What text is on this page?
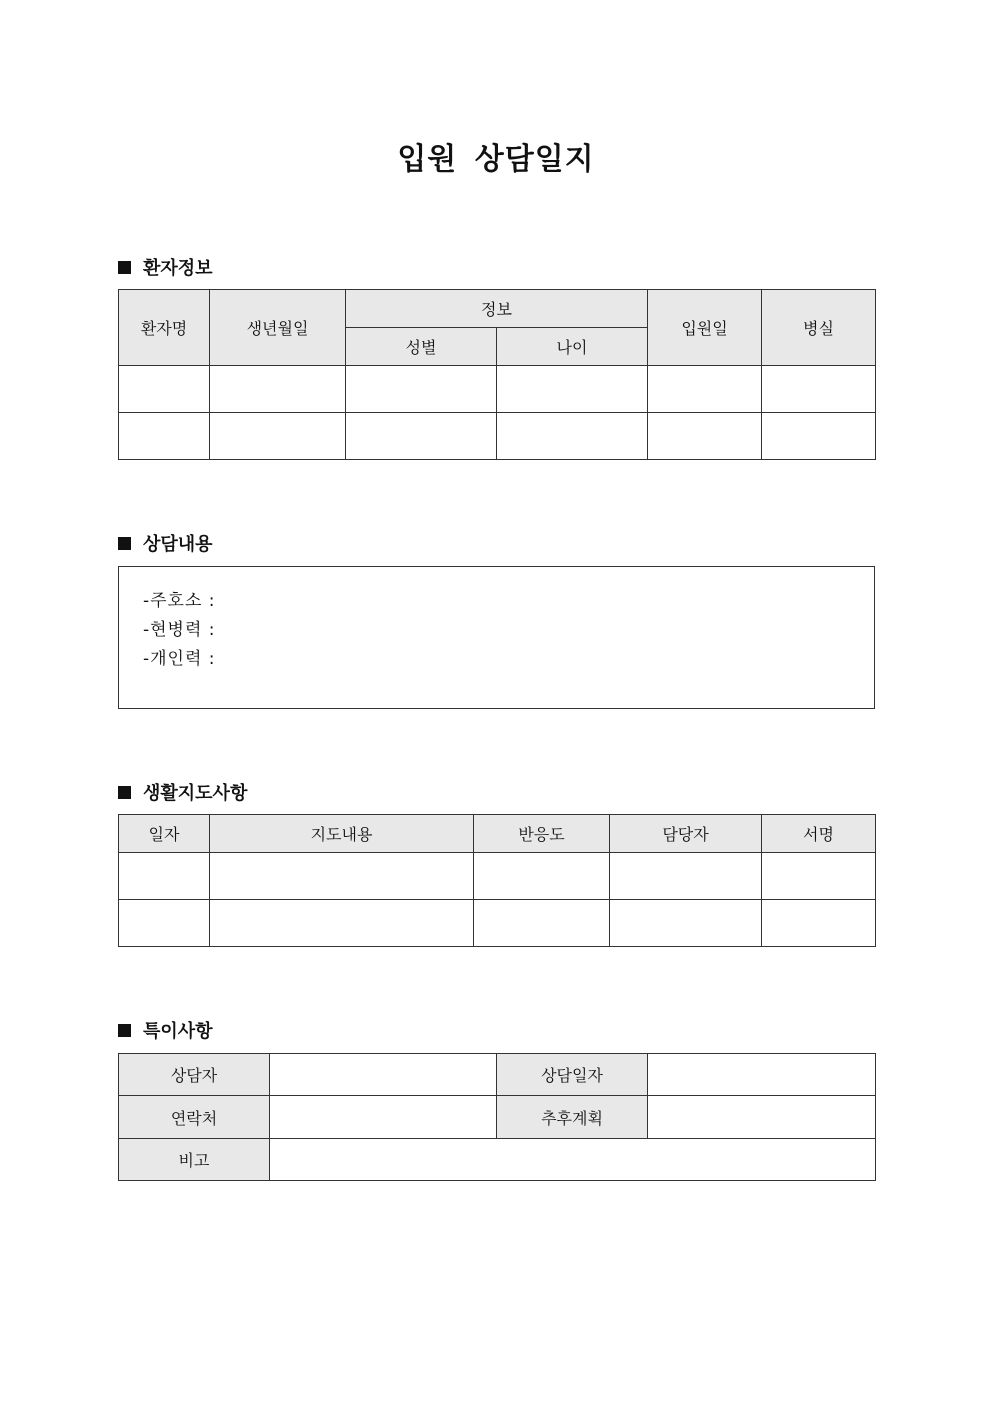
입원 상담일지
환자정보
환자명	생년월일	정보		입원일	병실
		성별	나이		

상담내용
-주호소 :
-현병력 :
-개인력 :
생활지도사항
일자	지도내용	반응도	담당자	서명

특이사항
상담자		상담일자	
연락처		추후계획	
비고			
